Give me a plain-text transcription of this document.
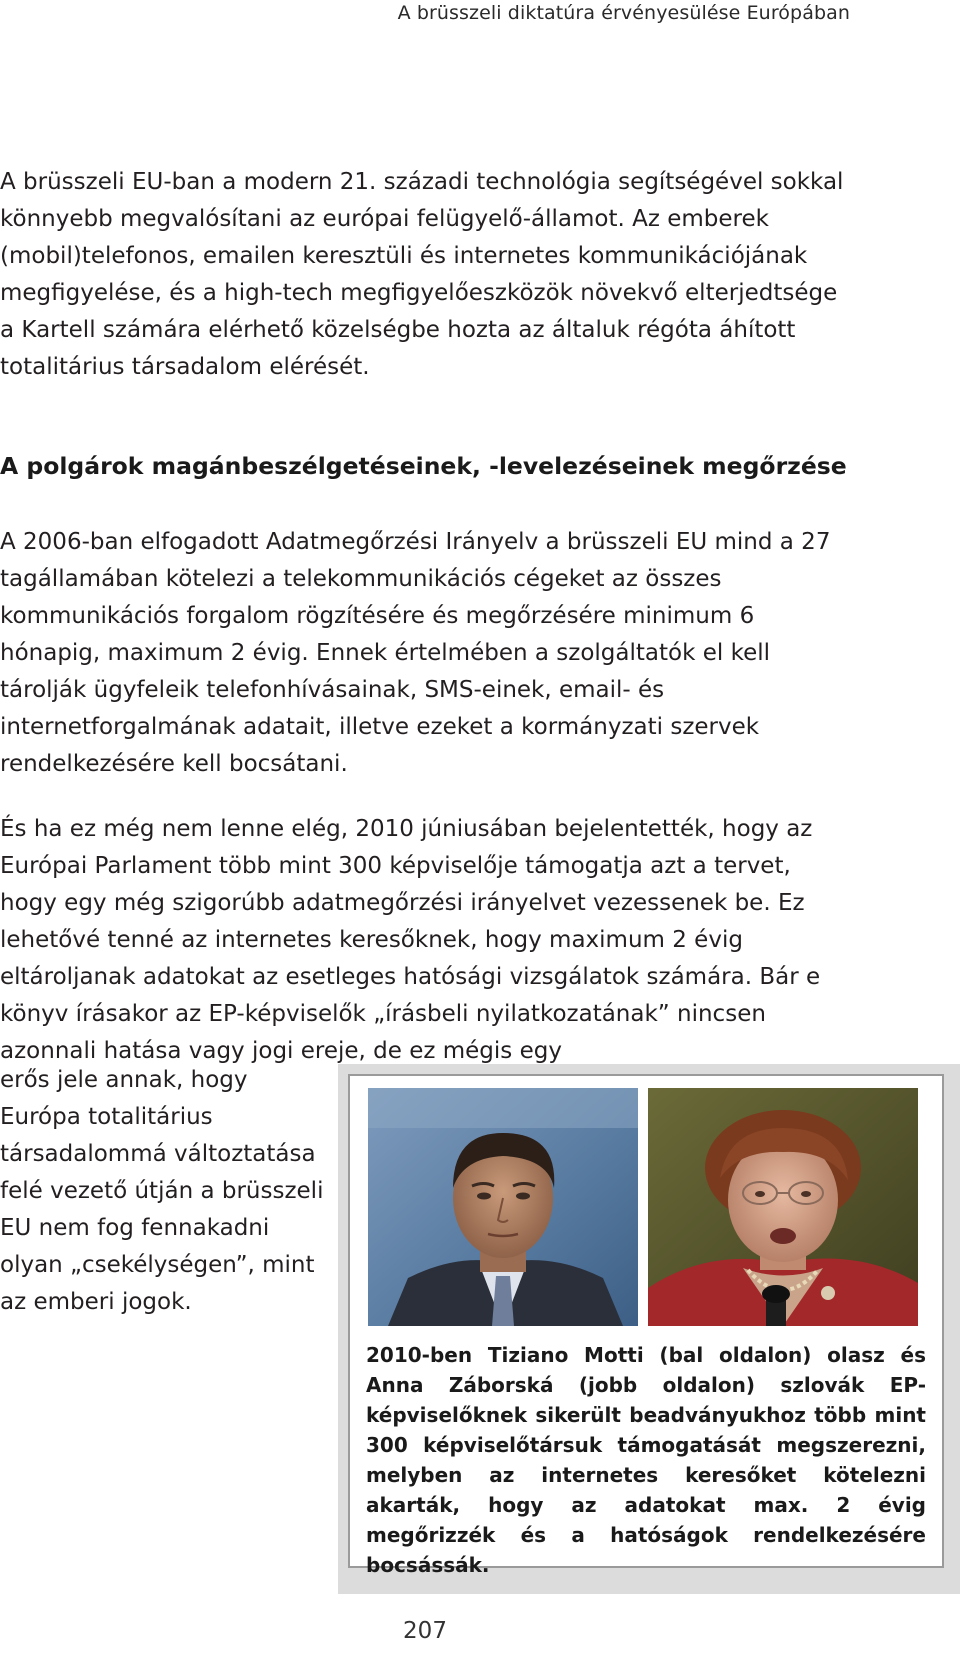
A brüsszeli diktatúra érvényesülése Európában

A brüsszeli EU-ban a modern 21. századi technológia segítségével sokkal könnyebb megvalósítani az európai felügyelő-államot. Az emberek (mobil)telefonos, emailen keresztüli és internetes kommunikációjának megfigyelése, és a high-tech megfigyelőeszközök növekvő elterjedtsége a Kartell számára elérhető közelségbe hozta az általuk régóta áhított totalitárius társadalom elérését.

A polgárok magánbeszélgetéseinek, -levelezéseinek megőrzése

A 2006-ban elfogadott Adatmegőrzési Irányelv a brüsszeli EU mind a 27 tagállamában kötelezi a telekommunikációs cégeket az összes kommunikációs forgalom rögzítésére és megőrzésére minimum 6 hónapig, maximum 2 évig. Ennek értelmében a szolgáltatók el kell tárolják ügyfeleik telefonhívásainak, SMS-einek, email- és internetforgalmának adatait, illetve ezeket a kormányzati szervek rendelkezésére kell bocsátani.

És ha ez még nem lenne elég, 2010 júniusában bejelentették, hogy az Európai Parlament több mint 300 képviselője támogatja azt a tervet, hogy egy még szigorúbb adatmegőrzési irányelvet vezessenek be. Ez lehetővé tenné az internetes keresőknek, hogy maximum 2 évig eltároljanak adatokat az esetleges hatósági vizsgálatok számára. Bár e könyv írásakor az EP-képviselők „írásbeli nyilatkozatának” nincsen azonnali hatása vagy jogi ereje, de ez mégis egy

erős jele annak, hogy Európa totalitárius társadalommá változtatása felé vezető útján a brüsszeli EU nem fog fennakadni olyan „csekélységen”, mint az emberi jogok.

2010-ben Tiziano Motti (bal oldalon) olasz és Anna Záborská (jobb oldalon) szlovák EP-képviselőknek sikerült beadványukhoz több mint 300 képviselőtársuk támogatását megszerezni, melyben az internetes keresőket kötelezni akarták, hogy az adatokat max. 2 évig megőrizzék és a hatóságok rendelkezésére bocsássák.

207
